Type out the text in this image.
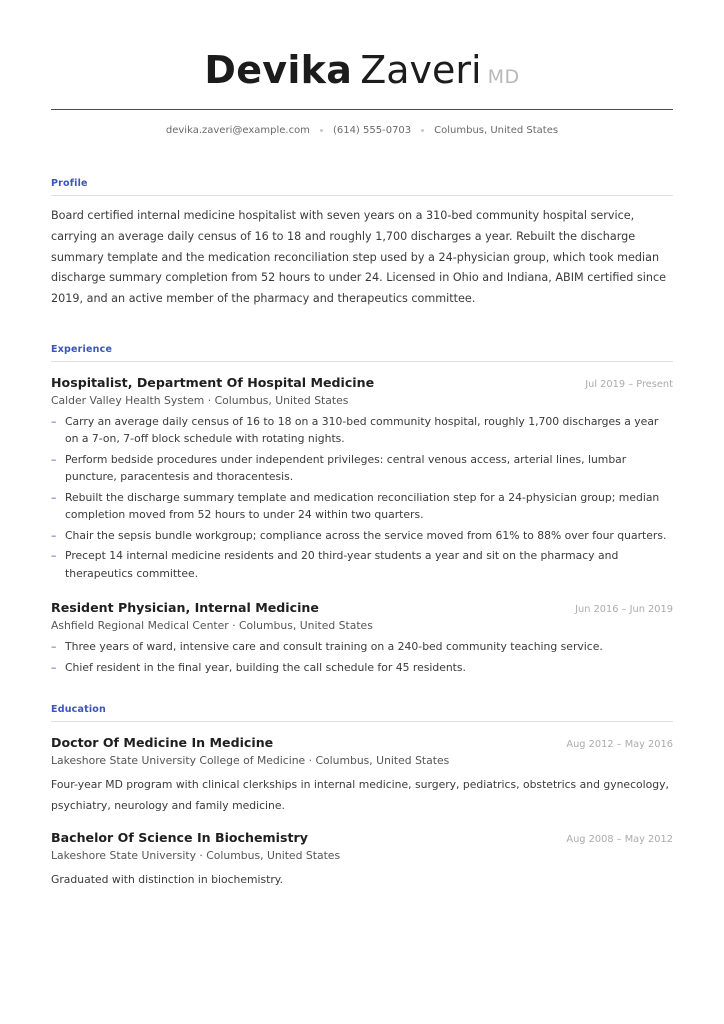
Devika Zaveri MD
devika.zaveri@example.com	(614) 555-0703	Columbus, United States
Profile
Board certified internal medicine hospitalist with seven years on a 310-bed community hospital service, carrying an average daily census of 16 to 18 and roughly 1,700 discharges a year. Rebuilt the discharge summary template and the medication reconciliation step used by a 24-physician group, which took median discharge summary completion from 52 hours to under 24. Licensed in Ohio and Indiana, ABIM certified since 2019, and an active member of the pharmacy and therapeutics committee.
Experience
Hospitalist, Department Of Hospital Medicine	Jul 2019 – Present
Calder Valley Health System · Columbus, United States
– Carry an average daily census of 16 to 18 on a 310-bed community hospital, roughly 1,700 discharges a year on a 7-on, 7-off block schedule with rotating nights.
– Perform bedside procedures under independent privileges: central venous access, arterial lines, lumbar puncture, paracentesis and thoracentesis.
– Rebuilt the discharge summary template and medication reconciliation step for a 24-physician group; median completion moved from 52 hours to under 24 within two quarters.
– Chair the sepsis bundle workgroup; compliance across the service moved from 61% to 88% over four quarters.
– Precept 14 internal medicine residents and 20 third-year students a year and sit on the pharmacy and therapeutics committee.
Resident Physician, Internal Medicine	Jun 2016 – Jun 2019
Ashfield Regional Medical Center · Columbus, United States
– Three years of ward, intensive care and consult training on a 240-bed community teaching service.
– Chief resident in the final year, building the call schedule for 45 residents.
Education
Doctor Of Medicine In Medicine	Aug 2012 – May 2016
Lakeshore State University College of Medicine · Columbus, United States
Four-year MD program with clinical clerkships in internal medicine, surgery, pediatrics, obstetrics and gynecology, psychiatry, neurology and family medicine.
Bachelor Of Science In Biochemistry	Aug 2008 – May 2012
Lakeshore State University · Columbus, United States
Graduated with distinction in biochemistry.
